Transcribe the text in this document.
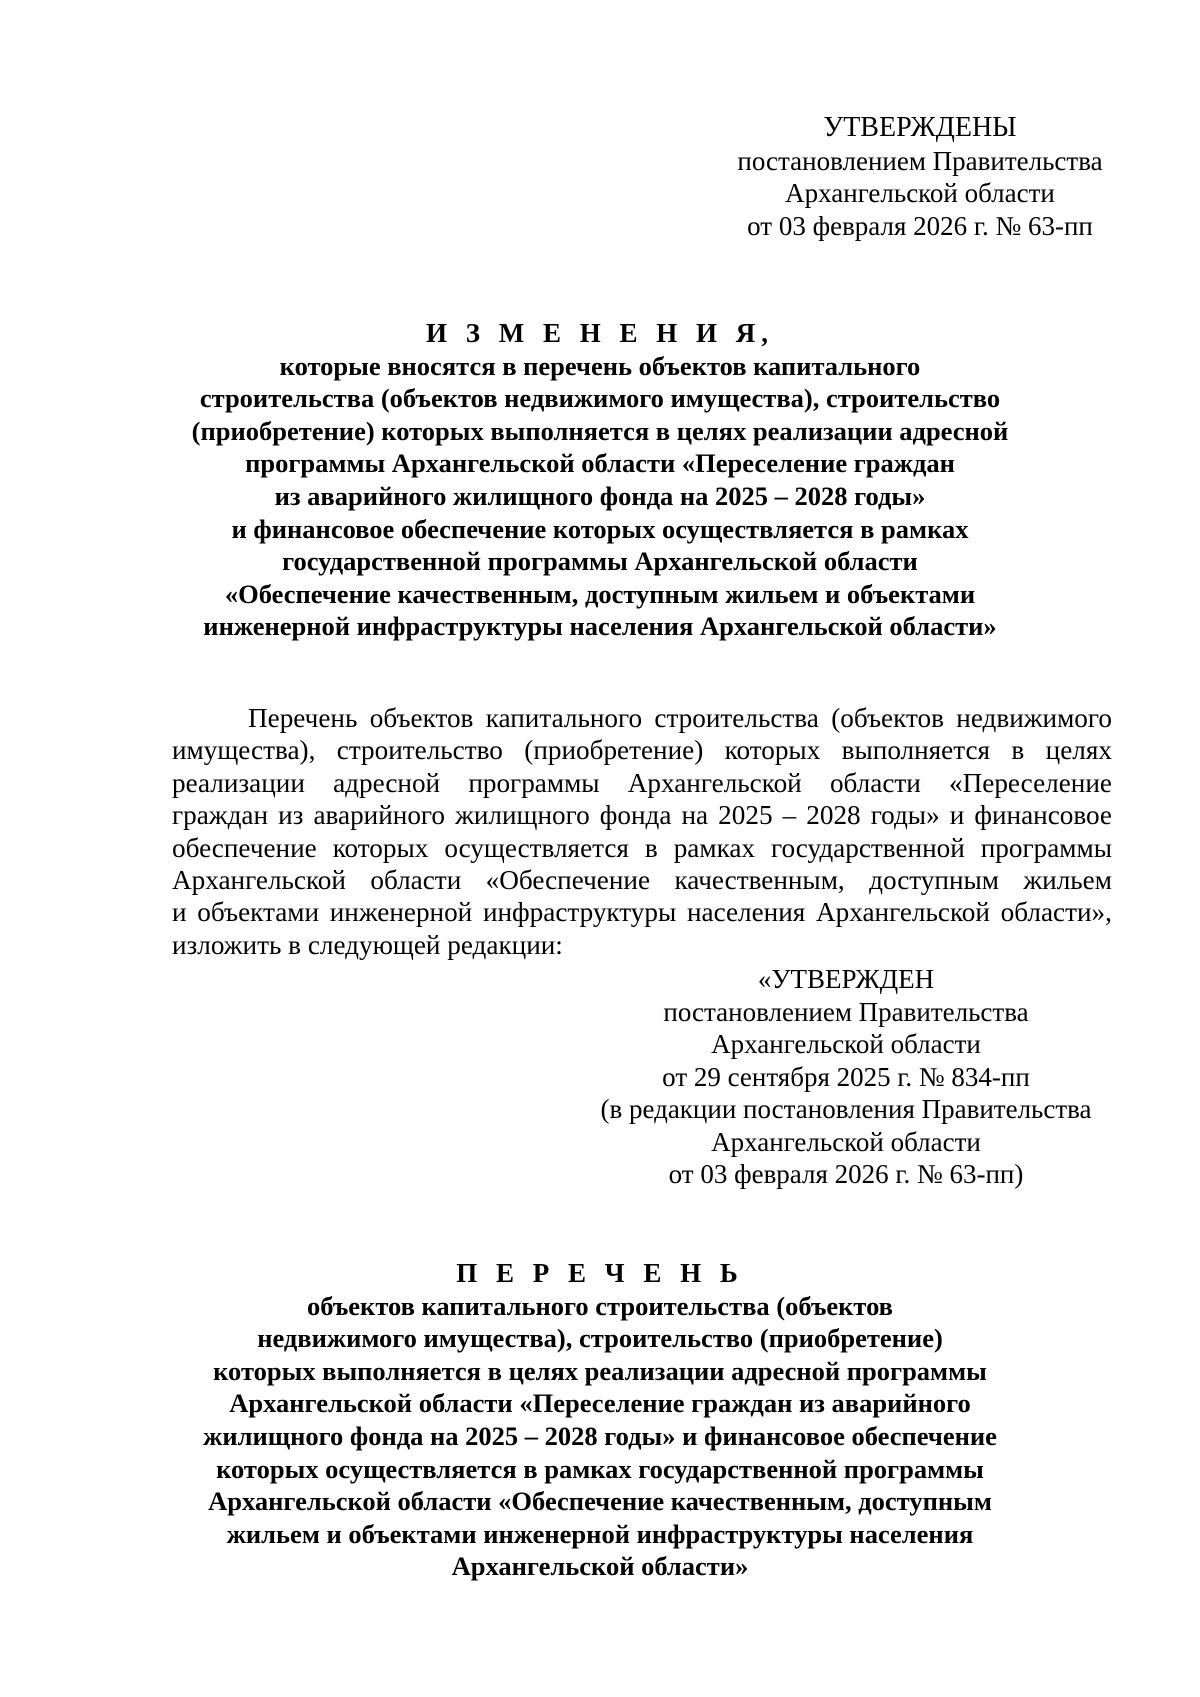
УТВЕРЖДЕНЫ
постановлением Правительства
Архангельской области
от 03 февраля 2026 г. № 63-пп
И З М Е Н Е Н И Я,
которые вносятся в перечень объектов капитального
строительства (объектов недвижимого имущества), строительство
(приобретение) которых выполняется в целях реализации адресной
программы Архангельской области «Переселение граждан
из аварийного жилищного фонда на 2025 – 2028 годы»
и финансовое обеспечение которых осуществляется в рамках
государственной программы Архангельской области
«Обеспечение качественным, доступным жильем и объектами
инженерной инфраструктуры населения Архангельской области»
Перечень объектов капитального строительства (объектов недвижимого
имущества), строительство (приобретение) которых выполняется в целях
реализации адресной программы Архангельской области «Переселение
граждан из аварийного жилищного фонда на 2025 – 2028 годы» и финансовое
обеспечение которых осуществляется в рамках государственной программы
Архангельской области «Обеспечение качественным, доступным жильем
и объектами инженерной инфраструктуры населения Архангельской области»,
изложить в следующей редакции:
«УТВЕРЖДЕН
постановлением Правительства
Архангельской области
от 29 сентября 2025 г. № 834-пп
(в редакции постановления Правительства
Архангельской области
от 03 февраля 2026 г. № 63-пп)
П Е Р Е Ч Е Н Ь
объектов капитального строительства (объектов
недвижимого имущества), строительство (приобретение)
которых выполняется в целях реализации адресной программы
Архангельской области «Переселение граждан из аварийного
жилищного фонда на 2025 – 2028 годы» и финансовое обеспечение
которых осуществляется в рамках государственной программы
Архангельской области «Обеспечение качественным, доступным
жильем и объектами инженерной инфраструктуры населения
Архангельской области»
